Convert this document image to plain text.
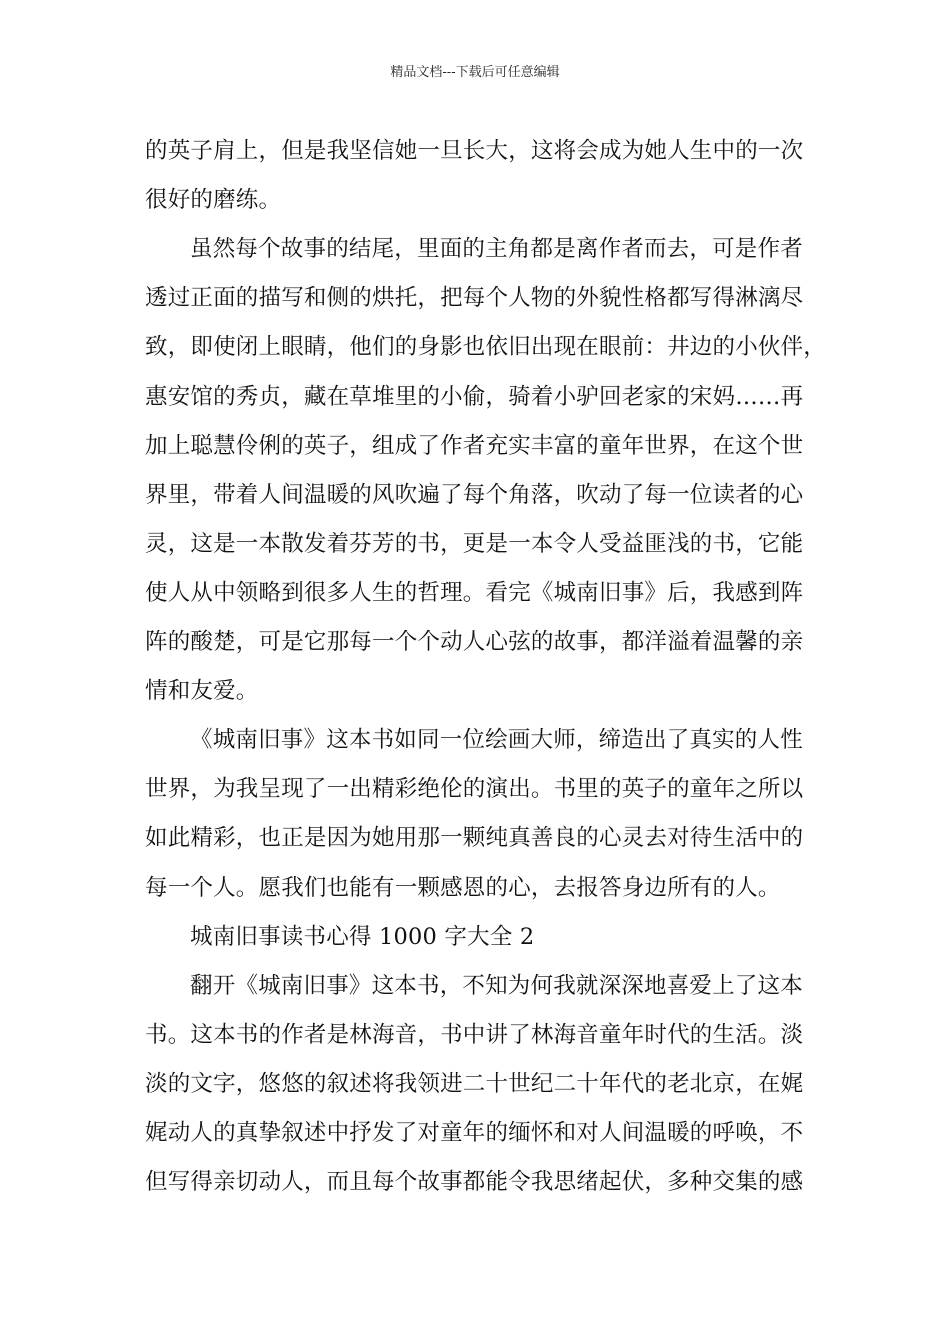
精品文档---下载后可任意编辑
的英子肩上，但是我坚信她一旦长大，这将会成为她人生中的一次
很好的磨练。
虽然每个故事的结尾，里面的主角都是离作者而去，可是作者
透过正面的描写和侧的烘托，把每个人物的外貌性格都写得淋漓尽
致，即使闭上眼睛，他们的身影也依旧出现在眼前：井边的小伙伴，
惠安馆的秀贞，藏在草堆里的小偷，骑着小驴回老家的宋妈……再
加上聪慧伶俐的英子，组成了作者充实丰富的童年世界，在这个世
界里，带着人间温暖的风吹遍了每个角落，吹动了每一位读者的心
灵，这是一本散发着芬芳的书，更是一本令人受益匪浅的书，它能
使人从中领略到很多人生的哲理。看完《城南旧事》后，我感到阵
阵的酸楚，可是它那每一个个动人心弦的故事，都洋溢着温馨的亲
情和友爱。
《城南旧事》这本书如同一位绘画大师，缔造出了真实的人性
世界，为我呈现了一出精彩绝伦的演出。书里的英子的童年之所以
如此精彩，也正是因为她用那一颗纯真善良的心灵去对待生活中的
每一个人。愿我们也能有一颗感恩的心，去报答身边所有的人。
城南旧事读书心得 1000 字大全 2
翻开《城南旧事》这本书，不知为何我就深深地喜爱上了这本
书。这本书的作者是林海音，书中讲了林海音童年时代的生活。淡
淡的文字，悠悠的叙述将我领进二十世纪二十年代的老北京，在娓
娓动人的真挚叙述中抒发了对童年的缅怀和对人间温暖的呼唤，不
但写得亲切动人，而且每个故事都能令我思绪起伏，多种交集的感
